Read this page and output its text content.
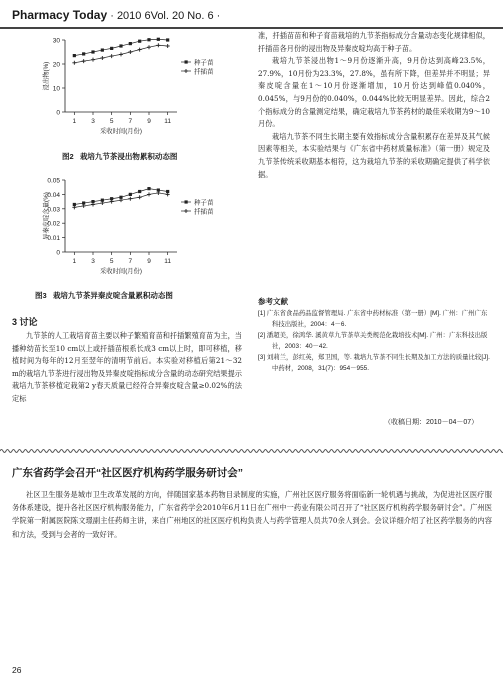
Pharmacy Today · 2010 6Vol. 20 No. 6 ·
0
10
20
30
1 3 5 7 9 11
采收时间(月份)
浸出物(%)	种子苗
扦插苗
图2 栽培九节茶浸出物累积动态图
0
0.01
0.02
0.03
0.04
0.05
1 3 5 7 9 11
采收时间(月份)
异秦皮啶含量(%)	种子苗
扦插苗
图3 栽培九节茶异秦皮啶含量累积动态图
3 讨论

九节茶的人工栽培育苗主要以种子繁殖育苗和扦插繁殖育苗为主，当播种幼苗长至10 cm以上或扦插苗根系长成3 cm以上时，即可移植，移植时间为每年的12月至翌年的清明节前后。本实验对移植后第21～32 m的栽培九节茶进行浸出物及异秦皮啶指标成分含量的动态研究结果提示栽培九节茶移植定栽第2 y春天质量已经符合异秦皮啶含量≥0.02%的法定标

准，扦插苗苗和种子育苗栽培的九节茶指标成分含量动态变化规律相似，扦插苗各月份的浸出物及异秦皮啶均高于种子苗。

栽培九节茶浸出物1～9月份逐渐升高，9月份达到高峰23.5%，27.9%，10月份为23.3%，27.8%，虽有所下降，但差异并不明显；异秦皮啶含量在1～10月份逐渐增加，10月份达到峰值0.040%，0.045%，与9月份的0.040%，0.044%比较无明显差异。因此，综合2个指标成分的含量测定结果，确定栽培九节茶药材的最佳采收期为9～10月份。

栽培九节茶不同生长期主要有效指标成分含量积累存在差异及其气候因素等相关，本实验结果与《广东省中药材质量标准》（第一册）规定及九节茶传统采收期基本相符，这为栽培九节茶的采收期确定提供了科学依据。

参考文献

[1] 广东省食品药品监督管理局. 广东省中药材标准（第一册）[M]. 广州：广州广东科技出版社，2004：4－6.

[2] 潘超美，徐鸿华. 溪黄草九节茶草关类规范化栽培技术[M]. 广州：广东科技出版社，2003：40－42.

[3] 刘莉兰，彭红英，郑卫国，等. 栽培九节茶不同生长期及加工方法的质量比较[J]. 中药材，2008，31(7)：954－955.

（收稿日期：2010－04－07）
广东省药学会召开“社区医疗机构药学服务研讨会”

社区卫生服务是城市卫生改革发展的方向，伴随国家基本药物目录制度的实施，广州社区医疗服务将面临新一轮机遇与挑战，为促进社区医疗服务体系建设，提升各社区医疗机构服务能力，广东省药学会2010年6月11日在广州中一药业有限公司召开了“社区医疗机构药学服务研讨会”。广州医学院第一附属医院陈文璟副主任药师主讲，来自广州地区的社区医疗机构负责人与药学管理人员共70余人到会。会议详细介绍了社区药学服务的内容和方法，受到与会者的一致好评。

26
